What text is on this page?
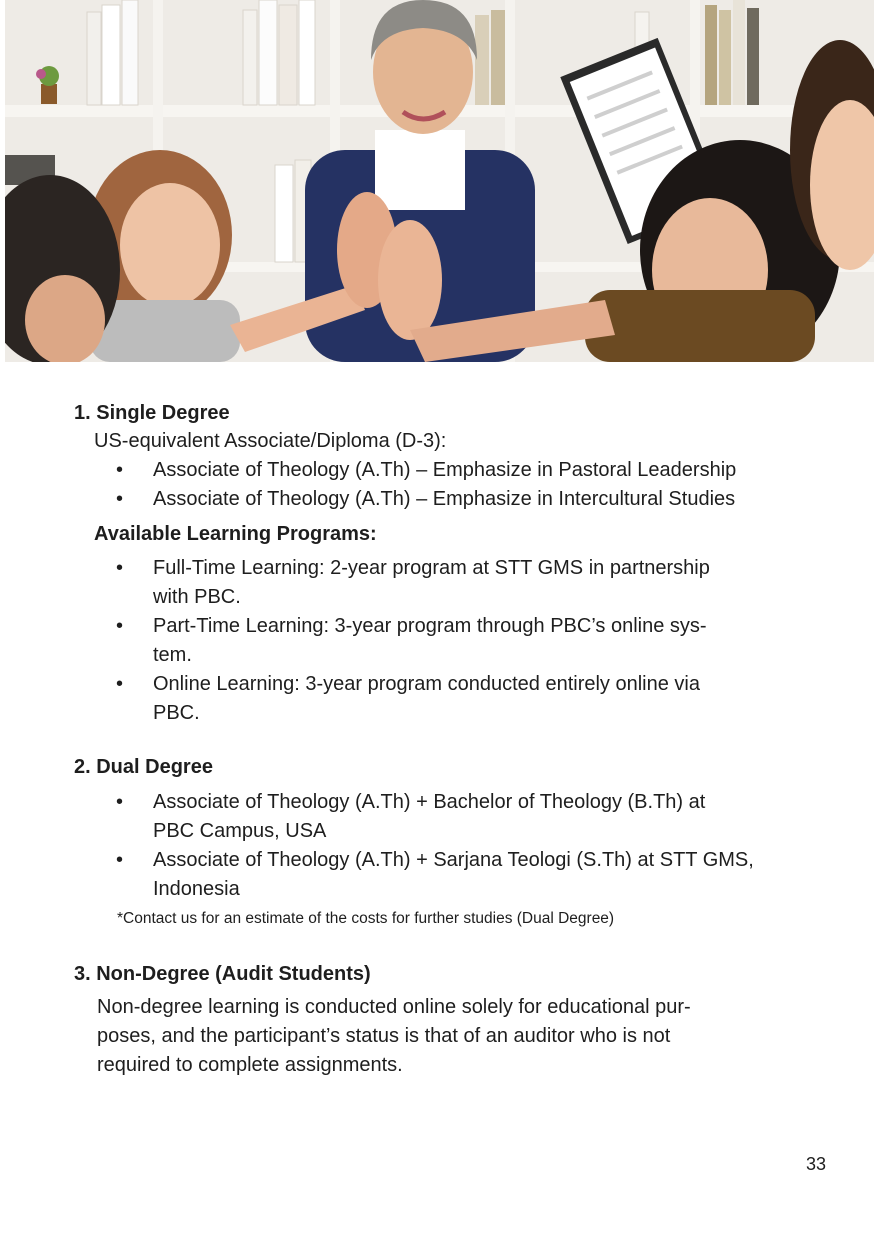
1. Single Degree
US-equivalent Associate/Diploma (D-3):
• Associate of Theology (A.Th) – Emphasize in Pastoral Leadership
• Associate of Theology (A.Th) – Emphasize in Intercultural Studies
Available Learning Programs:
• Full-Time Learning: 2-year program at STT GMS in partnership
with PBC.
• Part-Time Learning: 3-year program through PBC’s online sys-
tem.
• Online Learning: 3-year program conducted entirely online via
PBC.
2. Dual Degree
• Associate of Theology (A.Th) + Bachelor of Theology (B.Th) at
PBC Campus, USA
• Associate of Theology (A.Th) + Sarjana Teologi (S.Th) at STT GMS,
Indonesia
*Contact us for an estimate of the costs for further studies (Dual Degree)
3. Non-Degree (Audit Students)
Non-degree learning is conducted online solely for educational pur-
poses, and the participant’s status is that of an auditor who is not
required to complete assignments.
33
